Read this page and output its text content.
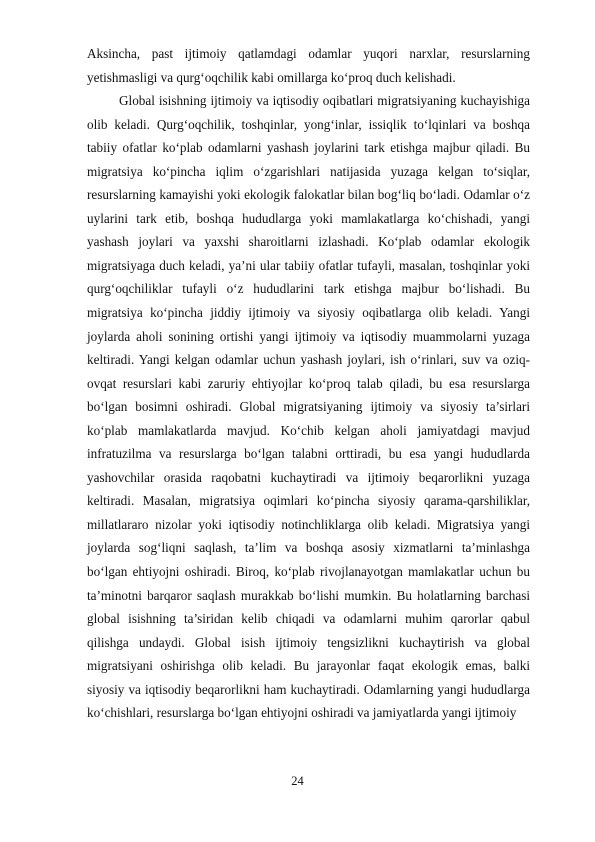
Aksincha, past ijtimoiy qatlamdagi odamlar yuqori narxlar, resurslarning yetishmasligi va qurg‘oqchilik kabi omillarga ko‘proq duch kelishadi.

Global isishning ijtimoiy va iqtisodiy oqibatlari migratsiyaning kuchayishiga olib keladi. Qurg‘oqchilik, toshqinlar, yong‘inlar, issiqlik to‘lqinlari va boshqa tabiiy ofatlar ko‘plab odamlarni yashash joylarini tark etishga majbur qiladi. Bu migratsiya ko‘pincha iqlim o‘zgarishlari natijasida yuzaga kelgan to‘siqlar, resurslarning kamayishi yoki ekologik falokatlar bilan bog‘liq bo‘ladi. Odamlar o‘z uylarini tark etib, boshqa hududlarga yoki mamlakatlarga ko‘chishadi, yangi yashash joylari va yaxshi sharoitlarni izlashadi. Ko‘plab odamlar ekologik migratsiyaga duch keladi, ya’ni ular tabiiy ofatlar tufayli, masalan, toshqinlar yoki qurg‘oqchiliklar tufayli o‘z hududlarini tark etishga majbur bo‘lishadi. Bu migratsiya ko‘pincha jiddiy ijtimoiy va siyosiy oqibatlarga olib keladi. Yangi joylarda aholi sonining ortishi yangi ijtimoiy va iqtisodiy muammolarni yuzaga keltiradi. Yangi kelgan odamlar uchun yashash joylari, ish o‘rinlari, suv va oziq-ovqat resurslari kabi zaruriy ehtiyojlar ko‘proq talab qiladi, bu esa resurslarga bo‘lgan bosimni oshiradi. Global migratsiyaning ijtimoiy va siyosiy ta’sirlari ko‘plab mamlakatlarda mavjud. Ko‘chib kelgan aholi jamiyatdagi mavjud infratuzilma va resurslarga bo‘lgan talabni orttiradi, bu esa yangi hududlarda yashovchilar orasida raqobatni kuchaytiradi va ijtimoiy beqarorlikni yuzaga keltiradi. Masalan, migratsiya oqimlari ko‘pincha siyosiy qarama-qarshiliklar, millatlararo nizolar yoki iqtisodiy notinchliklarga olib keladi. Migratsiya yangi joylarda sog‘liqni saqlash, ta’lim va boshqa asosiy xizmatlarni ta’minlashga bo‘lgan ehtiyojni oshiradi. Biroq, ko‘plab rivojlanayotgan mamlakatlar uchun bu ta’minotni barqaror saqlash murakkab bo‘lishi mumkin. Bu holatlarning barchasi global isishning ta’siridan kelib chiqadi va odamlarni muhim qarorlar qabul qilishga undaydi. Global isish ijtimoiy tengsizlikni kuchaytirish va global migratsiyani oshirishga olib keladi. Bu jarayonlar faqat ekologik emas, balki siyosiy va iqtisodiy beqarorlikni ham kuchaytiradi. Odamlarning yangi hududlarga ko‘chishlari, resurslarga bo‘lgan ehtiyojni oshiradi va jamiyatlarda yangi ijtimoiy

24
